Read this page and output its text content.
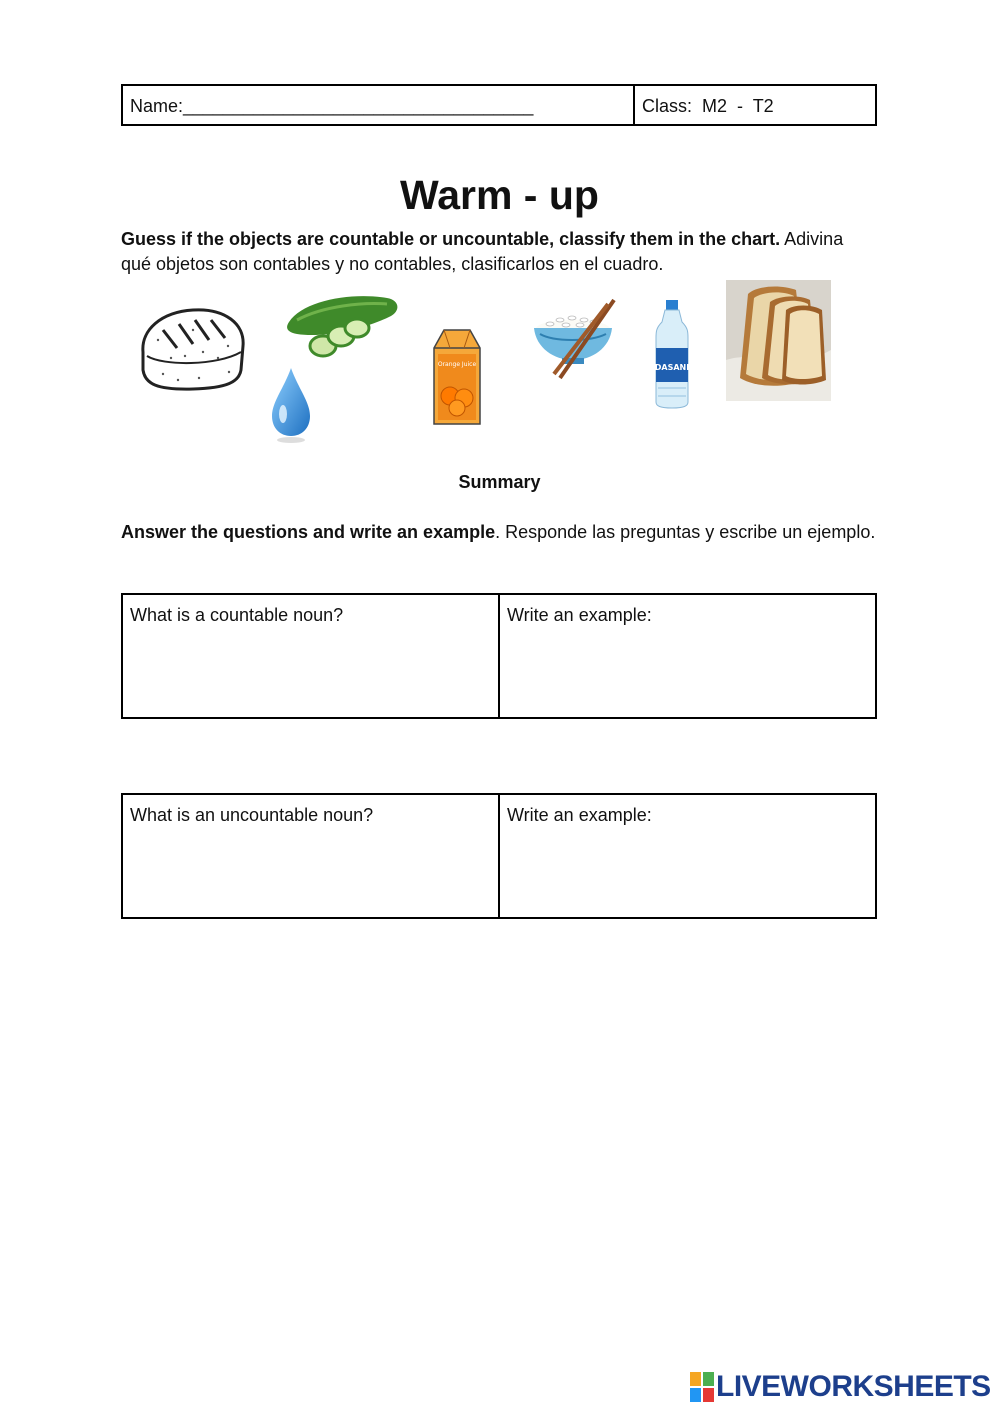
Name:___________________________________	Class:  M2  -  T2
Warm - up

Guess if the objects are countable or uncountable, classify them in the chart. Adivina qué objetos son contables y no contables, clasificarlos en el cuadro.

Orange Juice	DASANI

Summary

Answer the questions and write an example. Responde las preguntas y escribe un ejemplo.

What is a countable noun?	Write an example:
What is an uncountable noun?	Write an example:
LIVEWORKSHEETS
